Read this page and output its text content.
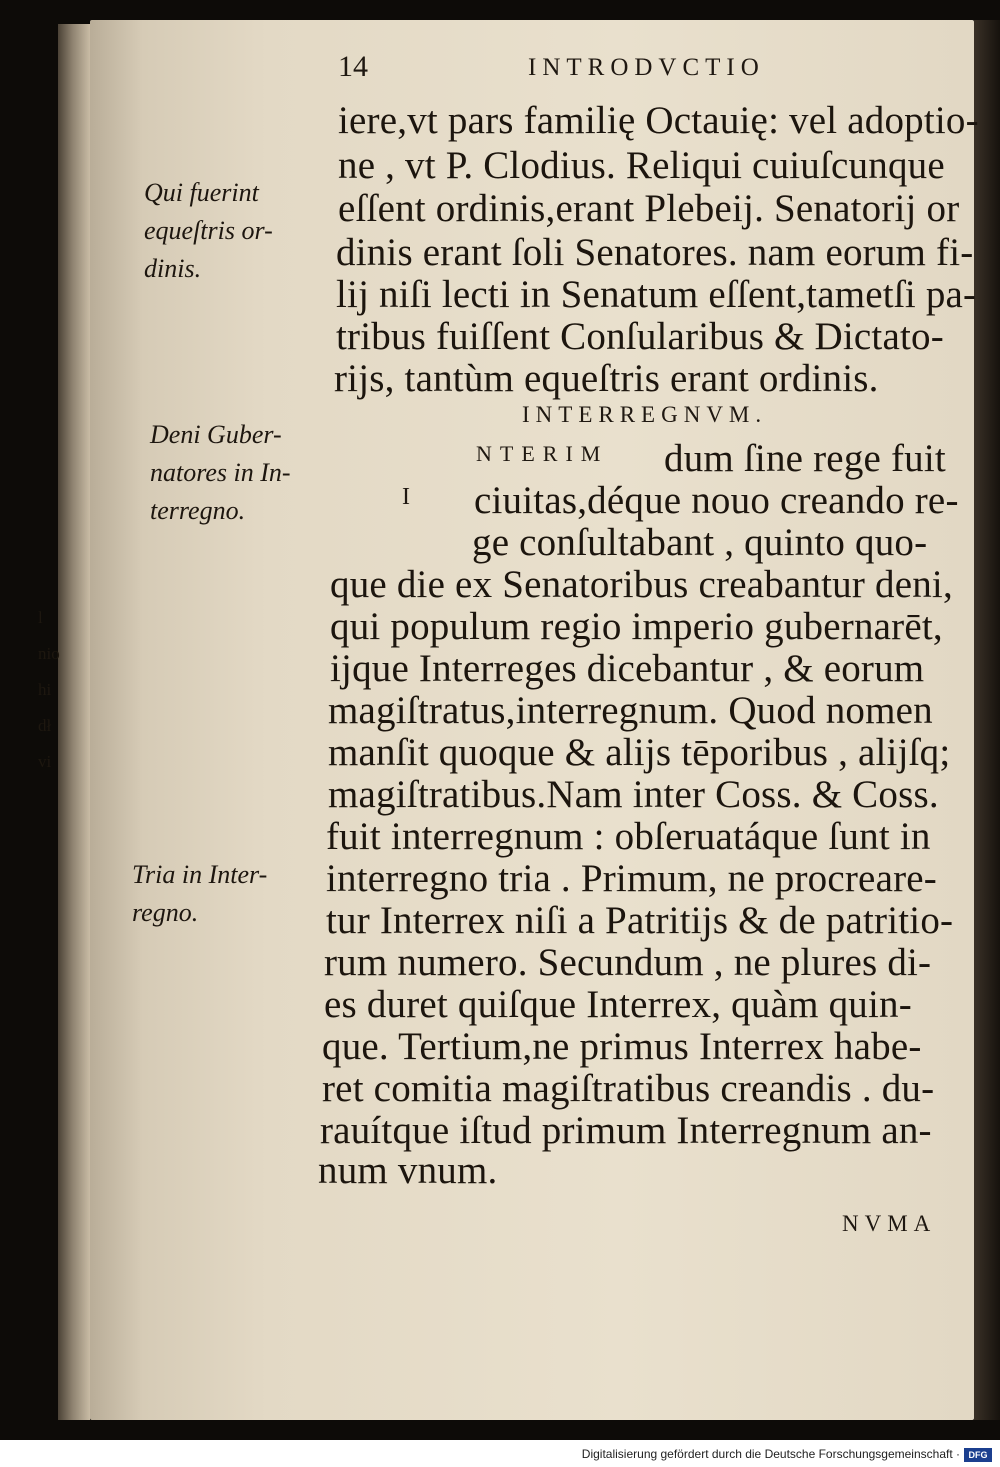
l
nio
hi
dł
vi
14	INTRODVCTIO
iere,vt pars familię Octauię: vel adoptio-
ne , vt P. Clodius. Reliqui cuiuſcunque
eſſent ordinis,erant Plebeij. Senatorij or
dinis erant ſoli Senatores. nam eorum fi-
lij niſi lecti in Senatum eſſent,tametſi pa-
tribus fuiſſent Conſularibus & Dictato-
rijs, tantùm equeſtris erant ordinis.
INTERREGNVM.
NTERIM
I
dum ſine rege fuit
ciuitas,déque nouo creando re-
ge conſultabant , quinto quo-
que die ex Senatoribus creabantur deni,
qui populum regio imperio gubernarēt,
ijque Interreges dicebantur , & eorum
magiſtratus,interregnum. Quod nomen
manſit quoque & alijs tēporibus , alijſq;
magiſtratibus.Nam inter Coss. & Coss.
fuit interregnum : obſeruatáque ſunt in
interregno tria . Primum, ne procreare-
tur Interrex niſi a Patritijs & de patritio-
rum numero. Secundum , ne plures di-
es duret quiſque Interrex, quàm quin-
que. Tertium,ne primus Interrex habe-
ret comitia magiſtratibus creandis . du-
rauítque iſtud primum Interregnum an-
num vnum.
Qui fuerint
equeſtris or-
dinis.
Deni Guber-
natores in In-
terregno.
Tria in Inter-
regno.
NVMA
Digitalisierung gefördert durch die Deutsche Forschungsgemeinschaft · DFG
